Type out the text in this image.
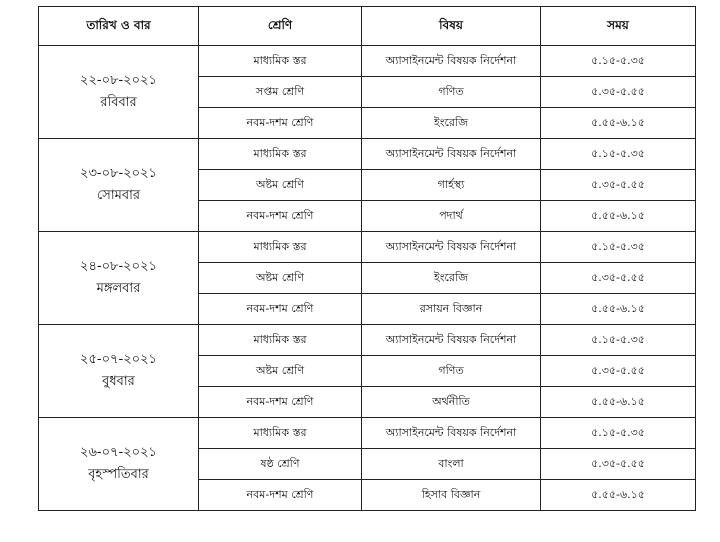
তারিখ ও বার	শ্রেণি	বিষয়	সময়

২২-০৮-২০২১
রবিবার	মাধ্যমিক স্তর	অ্যাসাইনমেন্ট বিষয়ক নির্দেশনা	৫.১৫-৫.৩৫
	সপ্তম শ্রেণি	গণিত	৫.৩৫-৫.৫৫
	নবম-দশম শ্রেণি	ইংরেজি	৫.৫৫-৬.১৫

২৩-০৮-২০২১
সোমবার	মাধ্যমিক স্তর	অ্যাসাইনমেন্ট বিষয়ক নির্দেশনা	৫.১৫-৫.৩৫
	অষ্টম শ্রেণি	গার্হস্থ্য	৫.৩৫-৫.৫৫
	নবম-দশম শ্রেণি	পদার্থ	৫.৫৫-৬.১৫

২৪-০৮-২০২১
মঙ্গলবার	মাধ্যমিক স্তর	অ্যাসাইনমেন্ট বিষয়ক নির্দেশনা	৫.১৫-৫.৩৫
	অষ্টম শ্রেণি	ইংরেজি	৫.৩৫-৫.৫৫
	নবম-দশম শ্রেণি	রসায়ন বিজ্ঞান	৫.৫৫-৬.১৫

২৫-০৭-২০২১
বুধবার	মাধ্যমিক স্তর	অ্যাসাইনমেন্ট বিষয়ক নির্দেশনা	৫.১৫-৫.৩৫
	অষ্টম শ্রেণি	গণিত	৫.৩৫-৫.৫৫
	নবম-দশম শ্রেণি	অর্থনীতি	৫.৫৫-৬.১৫

২৬-০৭-২০২১
বৃহস্পতিবার	মাধ্যমিক স্তর	অ্যাসাইনমেন্ট বিষয়ক নির্দেশনা	৫.১৫-৫.৩৫
	ষষ্ঠ শ্রেণি	বাংলা	৫.৩৫-৫.৫৫
	নবম-দশম শ্রেণি	হিসাব বিজ্ঞান	৫.৫৫-৬.১৫
